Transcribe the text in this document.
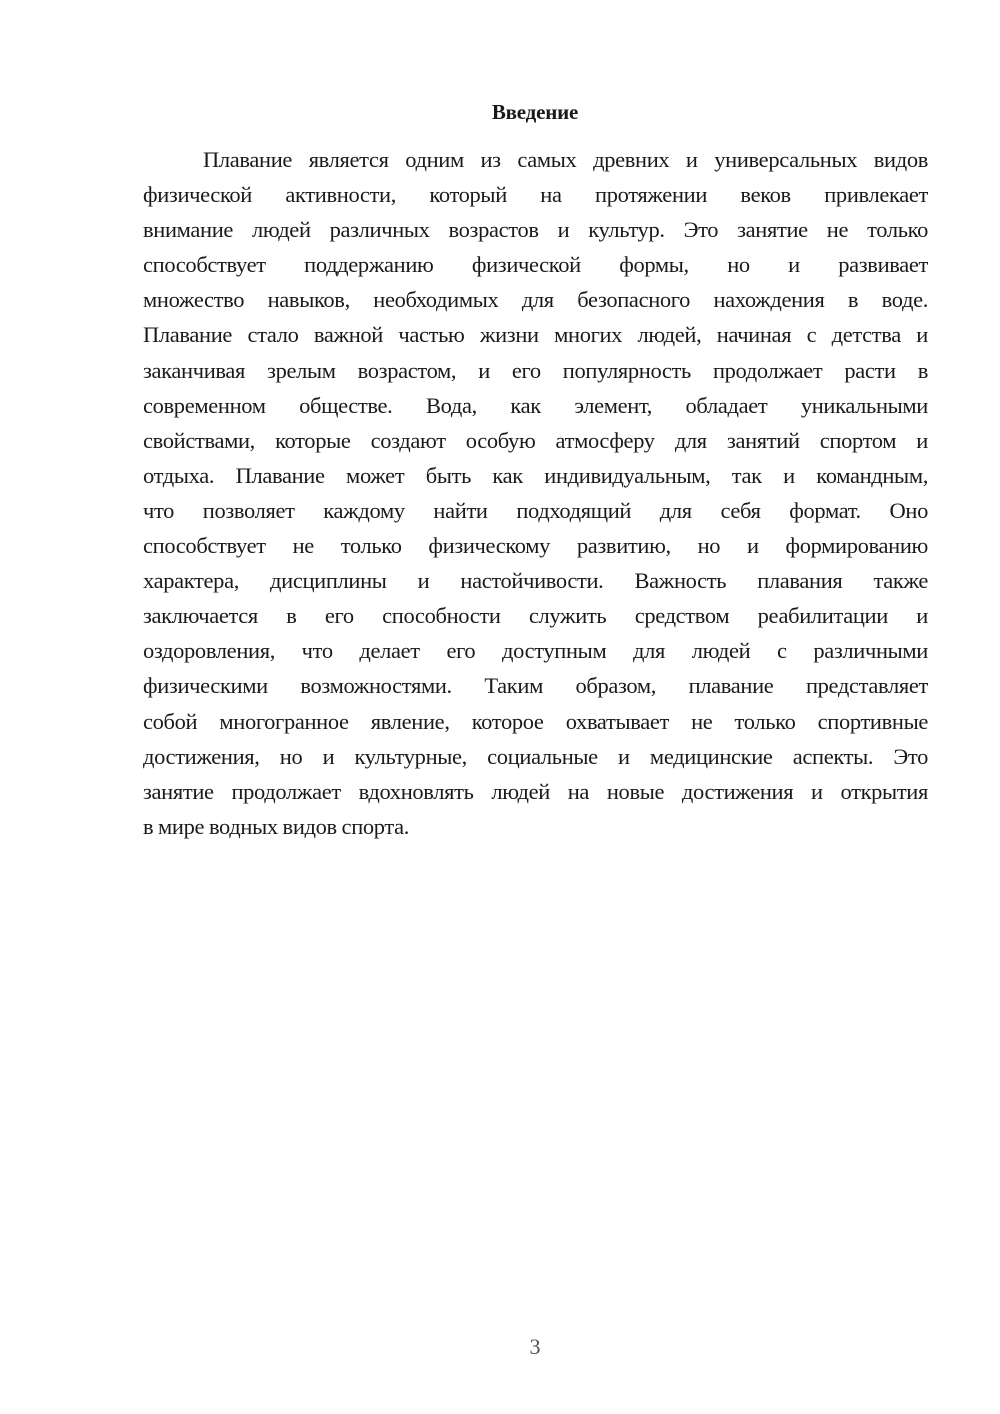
Введение
Плавание является одним из самых древних и универсальных видов
физической активности, который на протяжении веков привлекает
внимание людей различных возрастов и культур. Это занятие не только
способствует поддержанию физической формы, но и развивает
множество навыков, необходимых для безопасного нахождения в воде.
Плавание стало важной частью жизни многих людей, начиная с детства и
заканчивая зрелым возрастом, и его популярность продолжает расти в
современном обществе. Вода, как элемент, обладает уникальными
свойствами, которые создают особую атмосферу для занятий спортом и
отдыха. Плавание может быть как индивидуальным, так и командным,
что позволяет каждому найти подходящий для себя формат. Оно
способствует не только физическому развитию, но и формированию
характера, дисциплины и настойчивости. Важность плавания также
заключается в его способности служить средством реабилитации и
оздоровления, что делает его доступным для людей с различными
физическими возможностями. Таким образом, плавание представляет
собой многогранное явление, которое охватывает не только спортивные
достижения, но и культурные, социальные и медицинские аспекты. Это
занятие продолжает вдохновлять людей на новые достижения и открытия
в мире водных видов спорта.
3
